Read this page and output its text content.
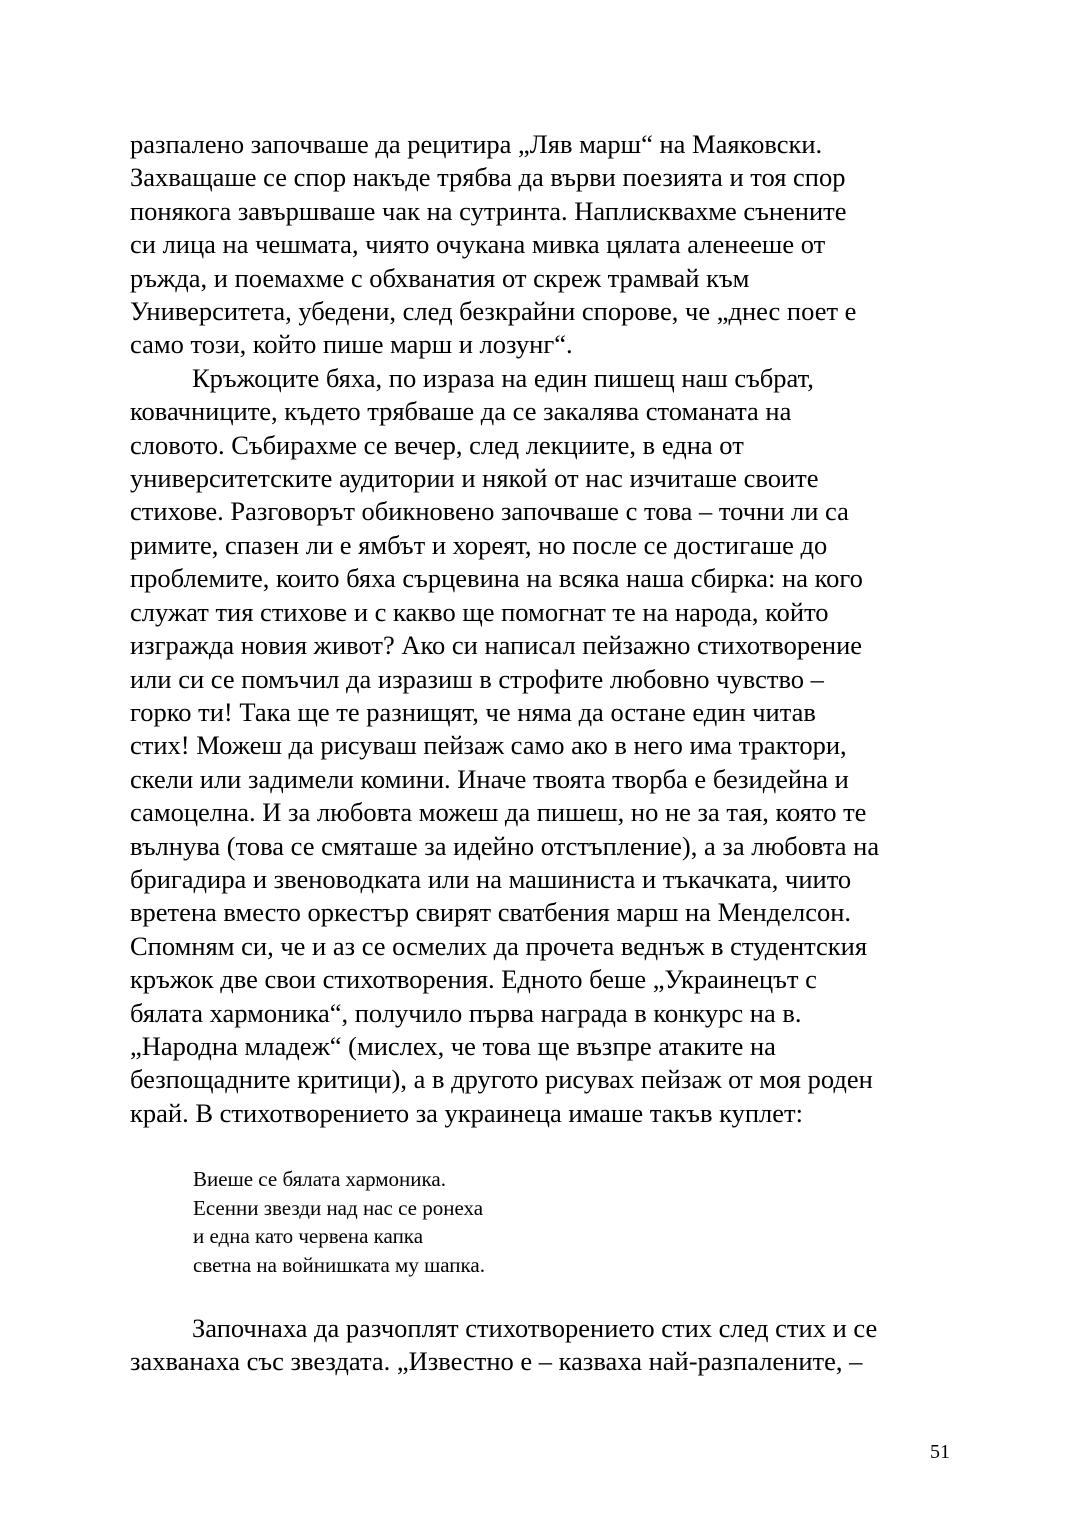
разпалено започваше да рецитира „Ляв марш“ на Маяковски.
Захващаше се спор накъде трябва да върви поезията и тоя спор
понякога завършваше чак на сутринта. Наплисквахме сънените
си лица на чешмата, чиято очукана мивка цялата аленееше от
ръжда, и поемахме с обхванатия от скреж трамвай към
Университета, убедени, след безкрайни спорове, че „днес поет е
само този, който пише марш и лозунг“.
Кръжоците бяха, по израза на един пишещ наш събрат,
ковачниците, където трябваше да се закалява стоманата на
словото. Събирахме се вечер, след лекциите, в една от
университетските аудитории и някой от нас изчиташе своите
стихове. Разговорът обикновено започваше с това – точни ли са
римите, спазен ли е ямбът и хореят, но после се достигаше до
проблемите, които бяха сърцевина на всяка наша сбирка: на кого
служат тия стихове и с какво ще помогнат те на народа, който
изгражда новия живот? Ако си написал пейзажно стихотворение
или си се помъчил да изразиш в строфите любовно чувство –
горко ти! Така ще те разнищят, че няма да остане един читав
стих! Можеш да рисуваш пейзаж само ако в него има трактори,
скели или задимели комини. Иначе твоята творба е безидейна и
самоцелна. И за любовта можеш да пишеш, но не за тая, която те
вълнува (това се смяташе за идейно отстъпление), а за любовта на
бригадира и звеноводката или на машиниста и тъкачката, чиито
вретена вместо оркестър свирят сватбения марш на Менделсон.
Спомням си, че и аз се осмелих да прочета веднъж в студентския
кръжок две свои стихотворения. Едното беше „Украинецът с
бялата хармоника“, получило първа награда в конкурс на в.
„Народна младеж“ (мислех, че това ще възпре атаките на
безпощадните критици), а в другото рисувах пейзаж от моя роден
край. В стихотворението за украинеца имаше такъв куплет:
Виеше се бялата хармоника.
Есенни звезди над нас се ронеха
и една като червена капка
светна на войнишката му шапка.
Започнаха да разчоплят стихотворението стих след стих и се
захванаха със звездата. „Известно е – казваха най-разпалените, –
51
